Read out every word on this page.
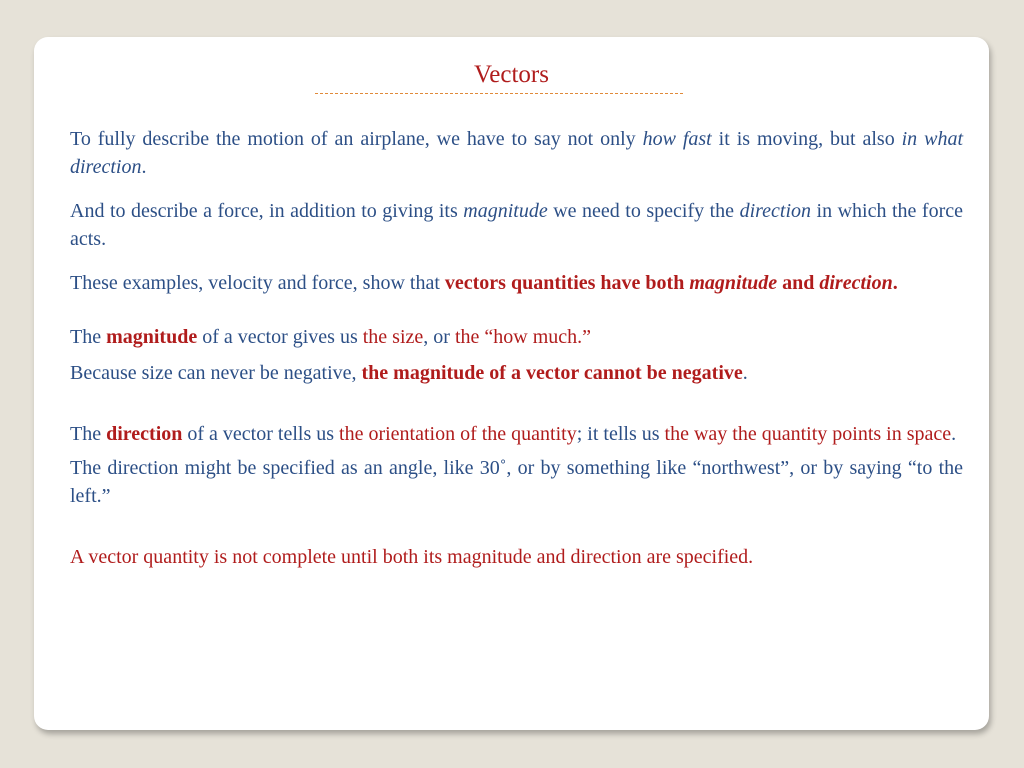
Vectors

To fully describe the motion of an airplane, we have to say not only how fast it is moving, but also in what direction.

And to describe a force, in addition to giving its magnitude we need to specify the direction in which the force acts.

These examples, velocity and force, show that vectors quantities have both magnitude and direction.

The magnitude of a vector gives us the size, or the “how much.”

Because size can never be negative, the magnitude of a vector cannot be negative.

The direction of a vector tells us the orientation of the quantity; it tells us the way the quantity points in space.

The direction might be specified as an angle, like 30˚, or by something like “northwest”, or by saying “to the left.”

A vector quantity is not complete until both its magnitude and direction are specified.
